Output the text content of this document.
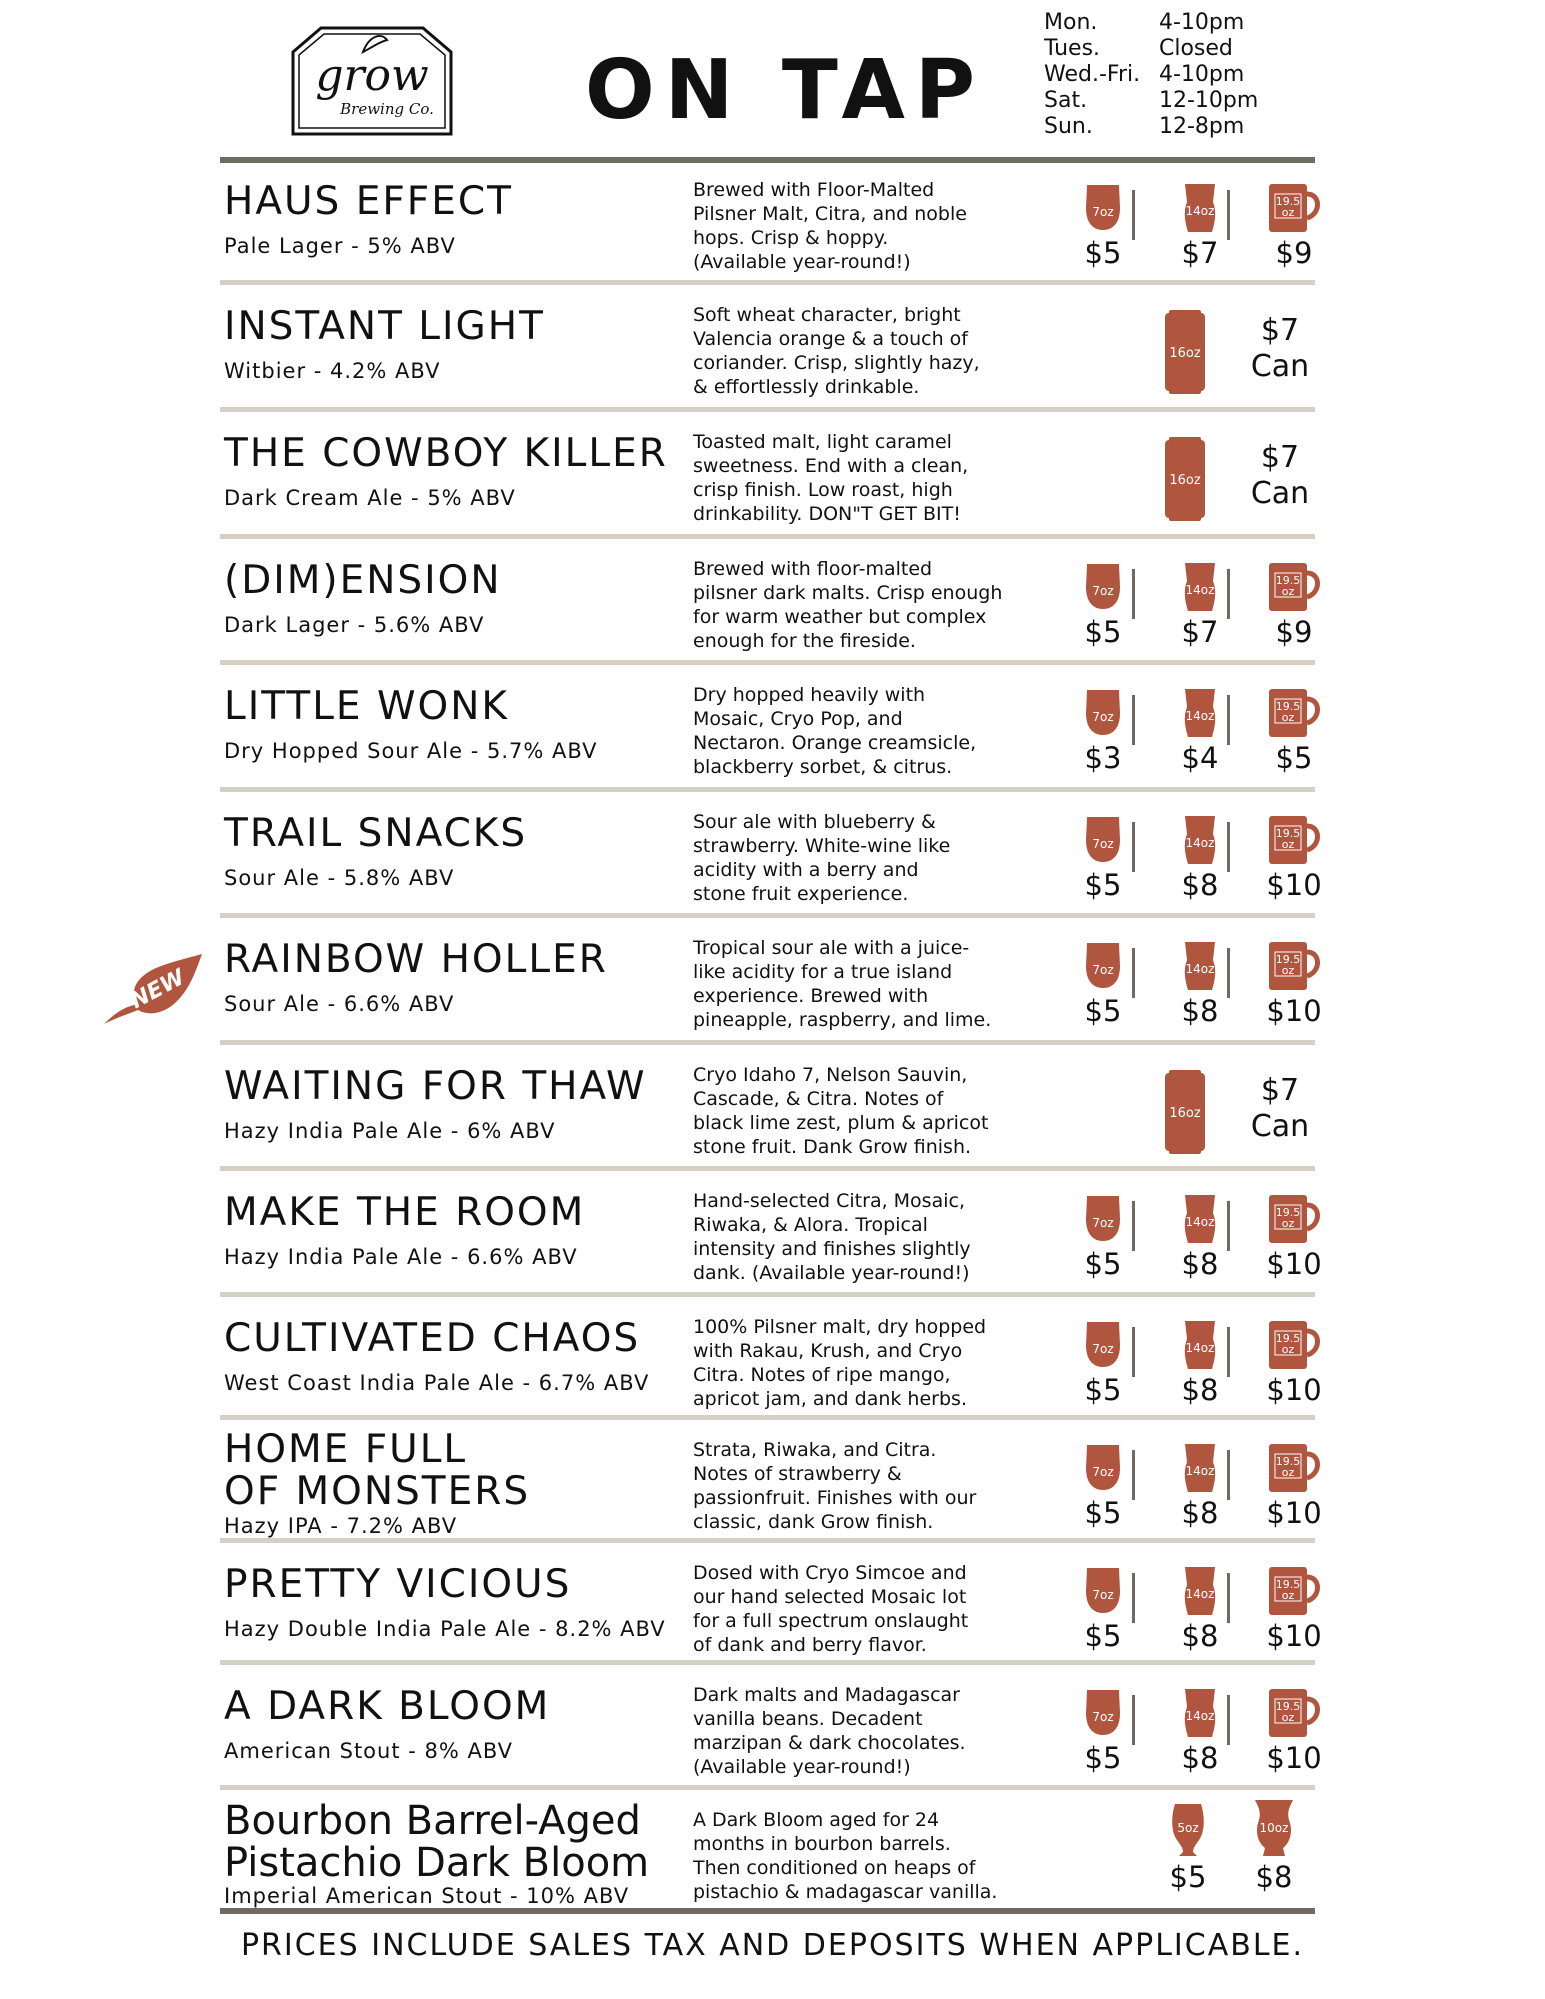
grow
Brewing Co. ON TAP
Mon.	4-10pm
Tues.	Closed
Wed.-Fri. 4-10pm
Sat.	12-10pm
Sun.	12-8pm
HAUS EFFECT
Pale Lager - 5% ABV
Brewed with Floor-Malted
Pilsner Malt, Citra, and noble
hops. Crisp & hoppy.
(Available year-round!)
7oz
$5
14oz
$7
19.5
oz
$9
INSTANT LIGHT
Witbier - 4.2% ABV
Soft wheat character, bright
Valencia orange & a touch of
coriander. Crisp, slightly hazy,
& effortlessly drinkable.
16oz
$7
Can
THE COWBOY KILLER
Dark Cream Ale - 5% ABV
Toasted malt, light caramel
sweetness. End with a clean,
crisp finish. Low roast, high
drinkability. DON"T GET BIT!
16oz
$7
Can
(DIM)ENSION
Dark Lager - 5.6% ABV
Brewed with floor-malted
pilsner dark malts. Crisp enough
for warm weather but complex
enough for the fireside.
7oz
$5
14oz
$7
19.5
oz
$9
LITTLE WONK
Dry Hopped Sour Ale - 5.7% ABV
Dry hopped heavily with
Mosaic, Cryo Pop, and
Nectaron. Orange creamsicle,
blackberry sorbet, & citrus.
7oz
$3
14oz
$4
19.5
oz
$5
TRAIL SNACKS
Sour Ale - 5.8% ABV
Sour ale with blueberry &
strawberry. White-wine like
acidity with a berry and
stone fruit experience.
7oz
$5
14oz
$8
19.5
oz
$10
RAINBOW HOLLER
Sour Ale - 6.6% ABV
Tropical sour ale with a juice-
like acidity for a true island
experience. Brewed with
pineapple, raspberry, and lime.
7oz
$5
14oz
$8
19.5
oz
$10
WAITING FOR THAW
Hazy India Pale Ale - 6% ABV
Cryo Idaho 7, Nelson Sauvin,
Cascade, & Citra. Notes of
black lime zest, plum & apricot
stone fruit. Dank Grow finish.
16oz
$7
Can
MAKE THE ROOM
Hazy India Pale Ale - 6.6% ABV
Hand-selected Citra, Mosaic,
Riwaka, & Alora. Tropical
intensity and finishes slightly
dank. (Available year-round!)
7oz
$5
14oz
$8
19.5
oz
$10
CULTIVATED CHAOS
West Coast India Pale Ale - 6.7% ABV
100% Pilsner malt, dry hopped
with Rakau, Krush, and Cryo
Citra. Notes of ripe mango,
apricot jam, and dank herbs.
7oz
$5
14oz
$8
19.5
oz
$10
HOME FULL
OF MONSTERS
Hazy IPA - 7.2% ABV
Strata, Riwaka, and Citra.
Notes of strawberry &
passionfruit. Finishes with our
classic, dank Grow finish.
7oz
$5
14oz
$8
19.5
oz
$10
PRETTY VICIOUS
Hazy Double India Pale Ale - 8.2% ABV
Dosed with Cryo Simcoe and
our hand selected Mosaic lot
for a full spectrum onslaught
of dank and berry flavor.
7oz
$5
14oz
$8
19.5
oz
$10
A DARK BLOOM
American Stout - 8% ABV
Dark malts and Madagascar
vanilla beans. Decadent
marzipan & dark chocolates.
(Available year-round!)
7oz
$5
14oz
$8
19.5
oz
$10
Bourbon Barrel-Aged
Pistachio Dark Bloom
Imperial American Stout - 10% ABV
A Dark Bloom aged for 24
months in bourbon barrels.
Then conditioned on heaps of
pistachio & madagascar vanilla.
5oz
$5
10oz
$8
NEW
PRICES INCLUDE SALES TAX AND DEPOSITS WHEN APPLICABLE.
